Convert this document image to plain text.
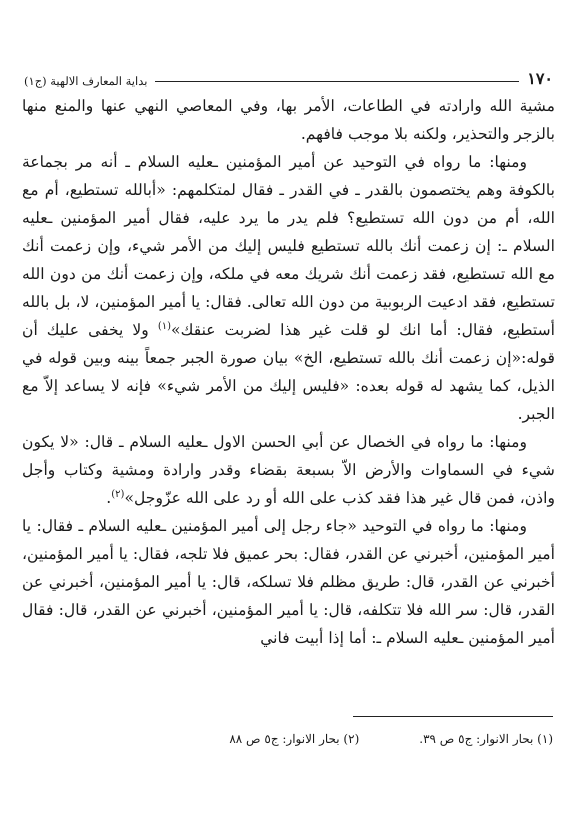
١٧٠
بداية المعارف الالهية (ج١)

مشية الله وارادته في الطاعات، الأمر بها، وفي المعاصي النهي عنها والمنع منها بالزجر والتحذير، ولكنه بلا موجب فافهم.

ومنها: ما رواه في التوحيد عن أمير المؤمنين ـعليه السلام ـ أنه مر بجماعة بالكوفة وهم يختصمون بالقدر ـ في القدر ـ فقال لمتكلمهم: «أبالله تستطيع، أم مع الله، أم من دون الله تستطيع؟ فلم يدر ما يرد عليه، فقال أمير المؤمنين ـعليه السلام ـ: إن زعمت أنك بالله تستطيع فليس إليك من الأمر شيء، وإن زعمت أنك مع الله تستطيع، فقد زعمت أنك شريك معه في ملكه، وإن زعمت أنك من دون الله تستطيع، فقد ادعيت الربوبية من دون الله تعالى. فقال: يا أمير المؤمنين، لا، بل بالله أستطيع، فقال: أما انك لو قلت غير هذا لضربت عنقك»$^{(١)}$ ولا يخفى عليك أن قوله:«إن زعمت أنك بالله تستطيع، الخ» بيان صورة الجبر جمعاً بينه وبين قوله في الذيل، كما يشهد له قوله بعده: «فليس إليك من الأمر شيء» فإنه لا يساعد إلاّ مع الجبر.

ومنها: ما رواه في الخصال عن أبي الحسن الاول ـعليه السلام ـ قال: «لا يكون شيء في السماوات والأرض الاّ بسبعة بقضاء وقدر وارادة ومشية وكتاب وأجل واذن، فمن قال غير هذا فقد كذب على الله أو رد على الله عزّوجل»$^{(٢)}$.

ومنها: ما رواه في التوحيد «جاء رجل إلى أمير المؤمنين ـعليه السلام ـ فقال: يا أمير المؤمنين، أخبرني عن القدر، فقال: بحر عميق فلا تلجه، فقال: يا أمير المؤمنين، أخبرني عن القدر، قال: طريق مظلم فلا تسلكه، قال: يا أمير المؤمنين، أخبرني عن القدر، قال: سر الله فلا تتكلفه، قال: يا أمير المؤمنين، أخبرني عن القدر، قال: فقال أمير المؤمنين ـعليه السلام ـ: أما إذا أبيت فاني

(١) بحار الانوار: ج٥ ص ٣٩.
(٢) بحار الانوار: ج٥ ص ٨٨
